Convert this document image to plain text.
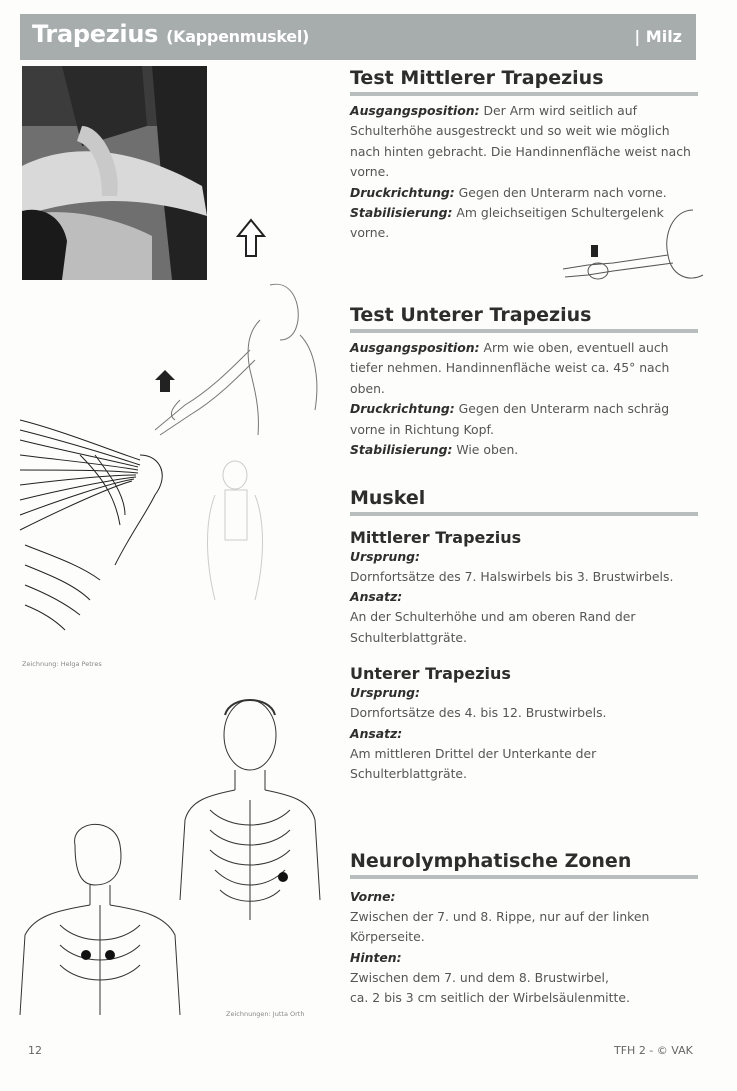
Trapezius (Kappenmuskel)	| Milz
Zeichnung: Helga Petres
Zeichnungen: Jutta Orth
Test Mittlerer Trapezius

Ausgangsposition: Der Arm wird seitlich auf Schulterhöhe ausgestreckt und so weit wie möglich nach hinten gebracht. Die Handinnenfläche weist nach vorne.

Druckrichtung: Gegen den Unterarm nach vorne.

Stabilisierung: Am gleichseitigen Schultergelenk vorne.

Test Unterer Trapezius

Ausgangsposition: Arm wie oben, eventuell auch tiefer nehmen. Handinnenfläche weist ca. 45° nach oben.

Druckrichtung: Gegen den Unterarm nach schräg vorne in Richtung Kopf.

Stabilisierung: Wie oben.

Muskel
Mittlerer Trapezius
Ursprung:

Dornfortsätze des 7. Halswirbels bis 3. Brustwirbels.

Ansatz:

An der Schulterhöhe und am oberen Rand der Schulterblattgräte.

Unterer Trapezius
Ursprung:

Dornfortsätze des 4. bis 12. Brustwirbels.

Ansatz:

Am mittleren Drittel der Unterkante der Schulterblattgräte.

Neurolymphatische Zonen
Vorne:

Zwischen der 7. und 8. Rippe, nur auf der linken Körperseite.

Hinten:

Zwischen dem 7. und dem 8. Brustwirbel,

ca. 2 bis 3 cm seitlich der Wirbelsäulenmitte.

12	TFH 2 - © VAK
